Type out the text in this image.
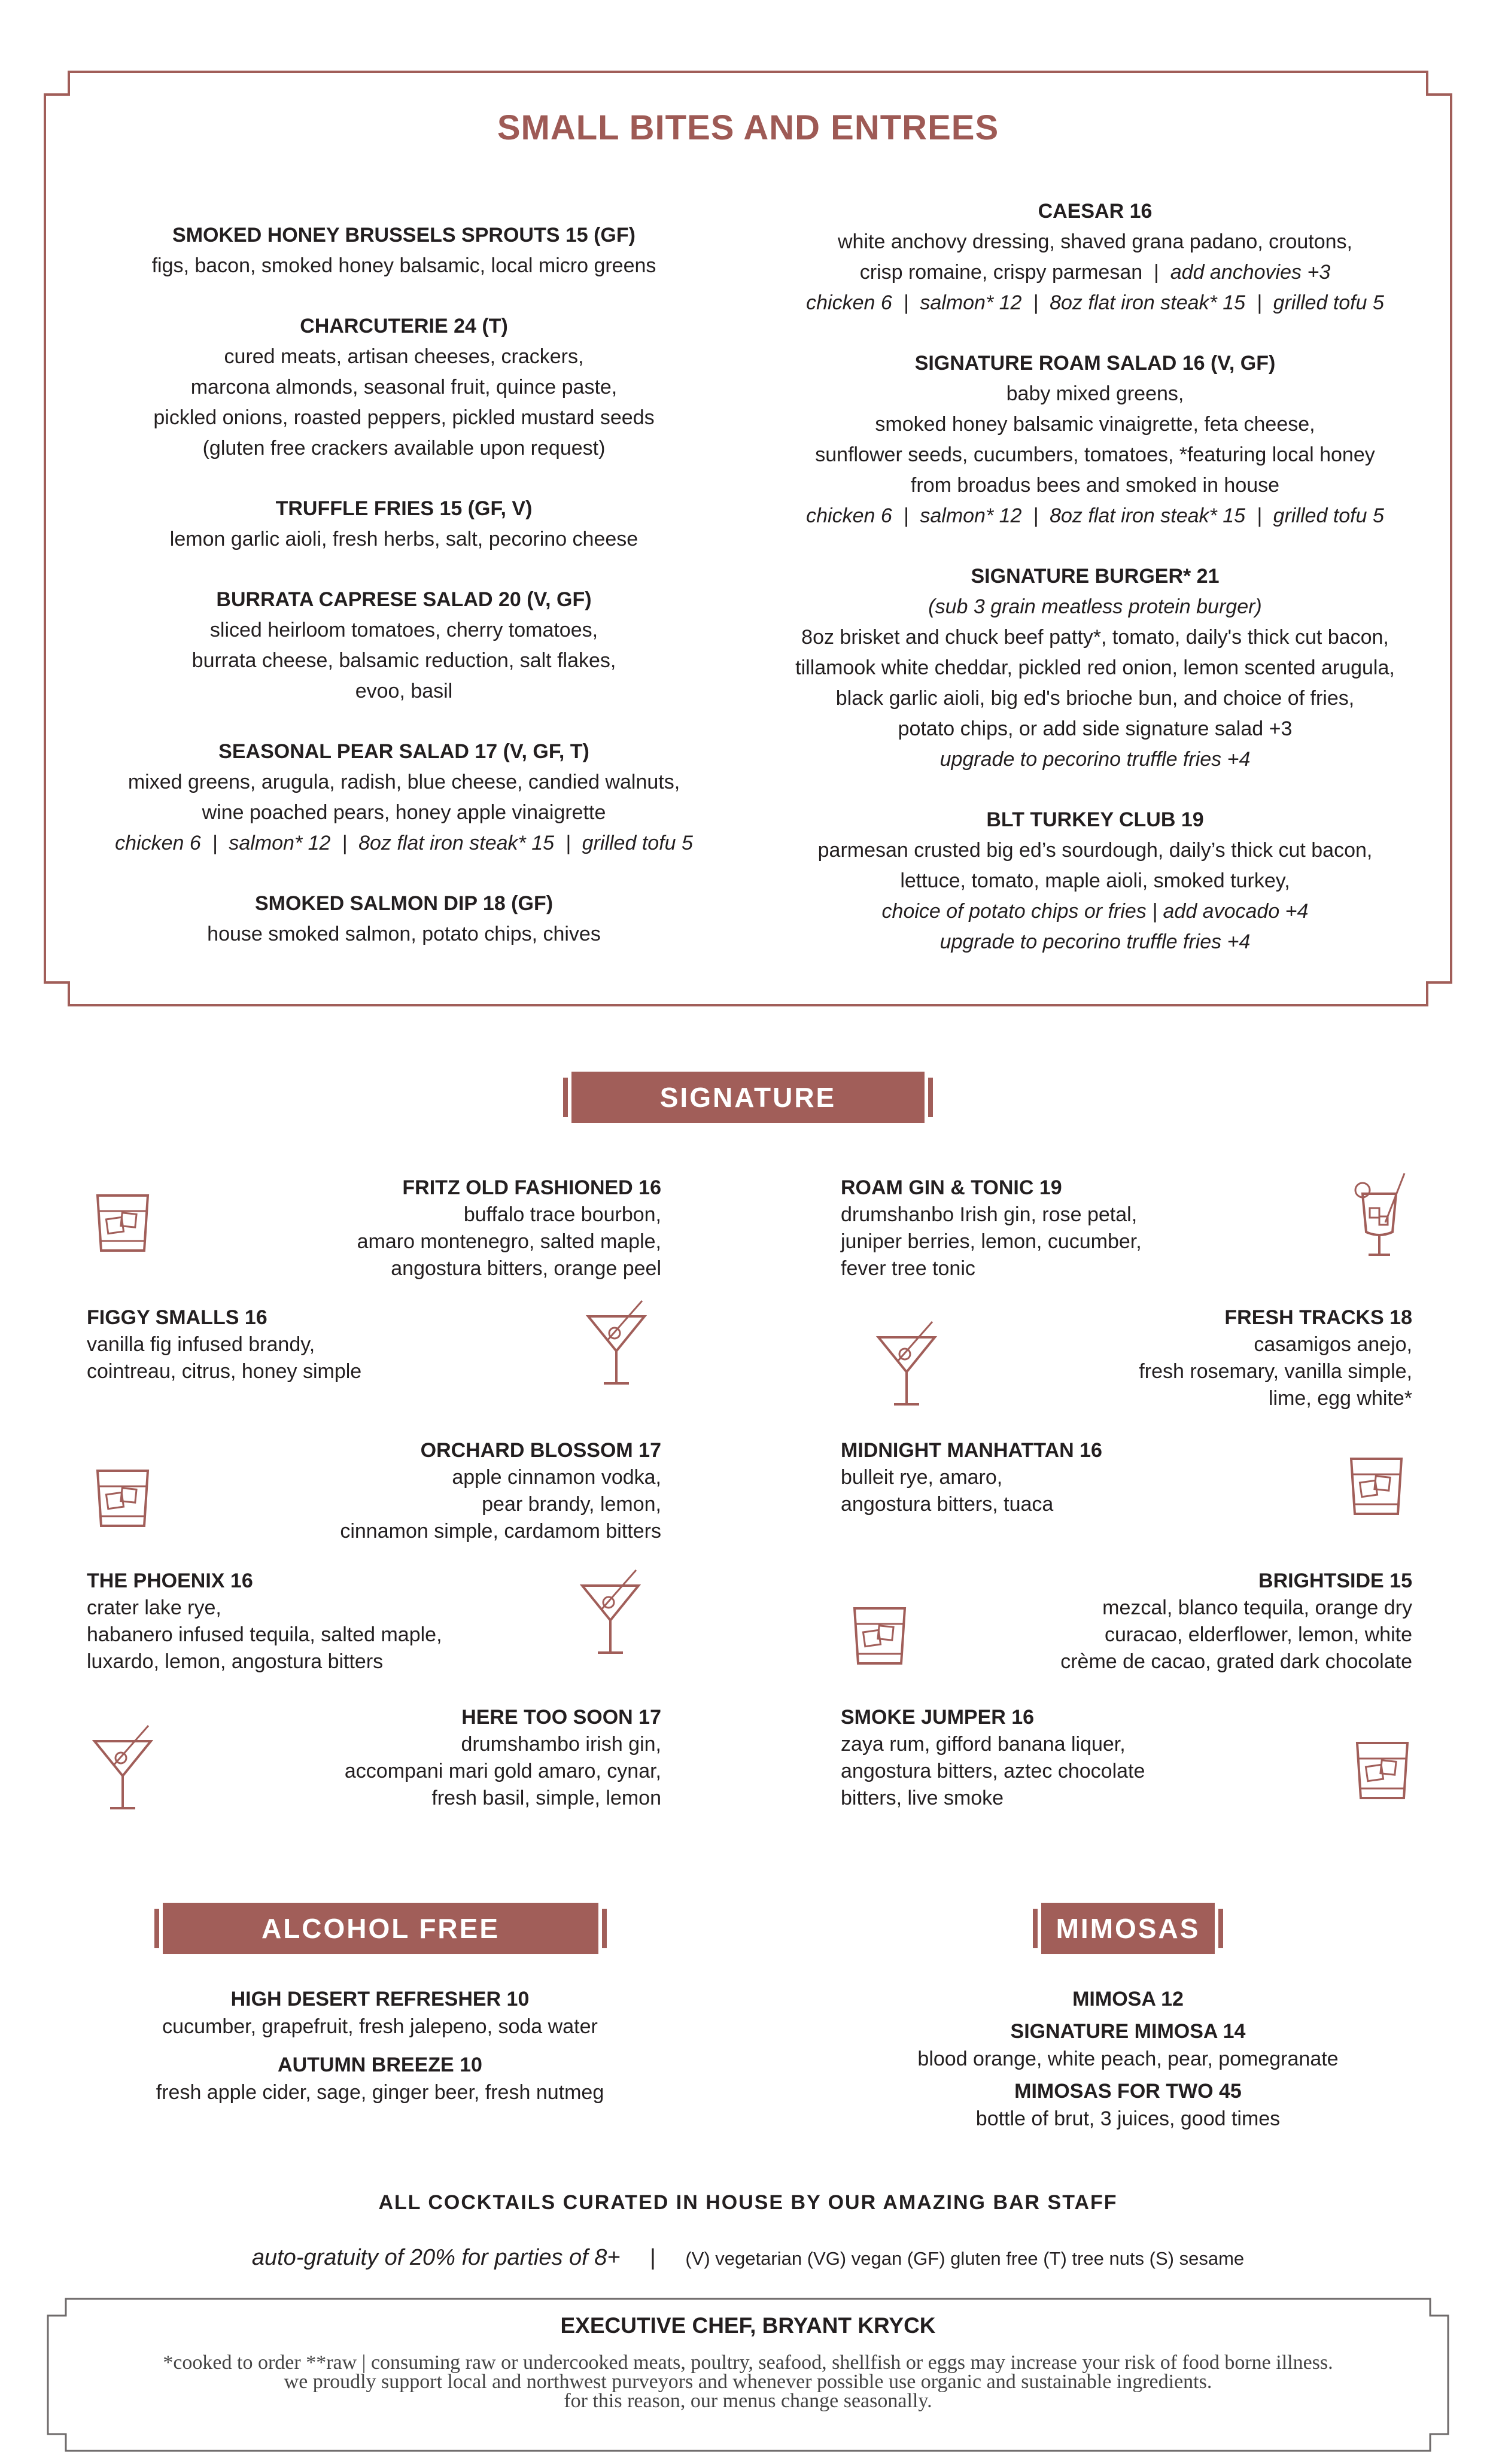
SMALL BITES AND ENTREES
SMOKED HONEY BRUSSELS SPROUTS 15 (GF)
figs, bacon, smoked honey balsamic, local micro greens
CHARCUTERIE 24 (T)
cured meats, artisan cheeses, crackers,
marcona almonds, seasonal fruit, quince paste,
pickled onions, roasted peppers, pickled mustard seeds
(gluten free crackers available upon request)
TRUFFLE FRIES 15 (GF, V)
lemon garlic aioli, fresh herbs, salt, pecorino cheese
BURRATA CAPRESE SALAD 20 (V, GF)
sliced heirloom tomatoes, cherry tomatoes,
burrata cheese, balsamic reduction, salt flakes,
evoo, basil
SEASONAL PEAR SALAD 17 (V, GF, T)
mixed greens, arugula, radish, blue cheese, candied walnuts,
wine poached pears, honey apple vinaigrette
chicken 6  |  salmon* 12  |  8oz flat iron steak* 15  |  grilled tofu 5
SMOKED SALMON DIP 18 (GF)
house smoked salmon, potato chips, chives
CAESAR 16
white anchovy dressing, shaved grana padano, croutons,
crisp romaine, crispy parmesan  |  add anchovies +3
chicken 6  |  salmon* 12  |  8oz flat iron steak* 15  |  grilled tofu 5
SIGNATURE ROAM SALAD 16 (V, GF)
baby mixed greens,
smoked honey balsamic vinaigrette, feta cheese,
sunflower seeds, cucumbers, tomatoes, *featuring local honey
from broadus bees and smoked in house
chicken 6  |  salmon* 12  |  8oz flat iron steak* 15  |  grilled tofu 5
SIGNATURE BURGER* 21
(sub 3 grain meatless protein burger)
8oz brisket and chuck beef patty*, tomato, daily's thick cut bacon,
tillamook white cheddar, pickled red onion, lemon scented arugula,
black garlic aioli, big ed's brioche bun, and choice of fries,
potato chips, or add side signature salad +3
upgrade to pecorino truffle fries +4
BLT TURKEY CLUB 19
parmesan crusted big ed’s sourdough, daily’s thick cut bacon,
lettuce, tomato, maple aioli, smoked turkey,
choice of potato chips or fries | add avocado +4
upgrade to pecorino truffle fries +4
SIGNATURE COCKTAILS
FRITZ OLD FASHIONED 16
buffalo trace bourbon,
amaro montenegro, salted maple,
angostura bitters, orange peel
ROAM GIN & TONIC 19
drumshanbo Irish gin, rose petal,
juniper berries, lemon, cucumber,
fever tree tonic
FIGGY SMALLS 16
vanilla fig infused brandy,
cointreau, citrus, honey simple
FRESH TRACKS 18
casamigos anejo,
fresh rosemary, vanilla simple,
lime, egg white*
ORCHARD BLOSSOM 17
apple cinnamon vodka,
pear brandy, lemon,
cinnamon simple, cardamom bitters
MIDNIGHT MANHATTAN 16
bulleit rye, amaro,
angostura bitters, tuaca
THE PHOENIX 16
crater lake rye,
habanero infused tequila, salted maple,
luxardo, lemon, angostura bitters
BRIGHTSIDE 15
mezcal, blanco tequila, orange dry
curacao, elderflower, lemon, white
crème de cacao, grated dark chocolate
HERE TOO SOON 17
drumshambo irish gin,
accompani mari gold amaro, cynar,
fresh basil, simple, lemon
SMOKE JUMPER 16
zaya rum, gifford banana liquer,
angostura bitters, aztec chocolate
bitters, live smoke
ALCOHOL FREE SPECIALTIES
HIGH DESERT REFRESHER 10
cucumber, grapefruit, fresh jalepeno, soda water
AUTUMN BREEZE 10
fresh apple cider, sage, ginger beer, fresh nutmeg
MIMOSAS
MIMOSA 12
SIGNATURE MIMOSA 14
blood orange, white peach, pear, pomegranate
MIMOSAS FOR TWO 45
bottle of brut, 3 juices, good times
ALL COCKTAILS CURATED IN HOUSE BY OUR AMAZING BAR STAFF
auto-gratuity of 20% for parties of 8+ | (V) vegetarian (VG) vegan (GF) gluten free (T) tree nuts (S) sesame
EXECUTIVE CHEF, BRYANT KRYCK
*cooked to order **raw | consuming raw or undercooked meats, poultry, seafood, shellfish or eggs may increase your risk of food borne illness.
we proudly support local and northwest purveyors and whenever possible use organic and sustainable ingredients.
for this reason, our menus change seasonally.
